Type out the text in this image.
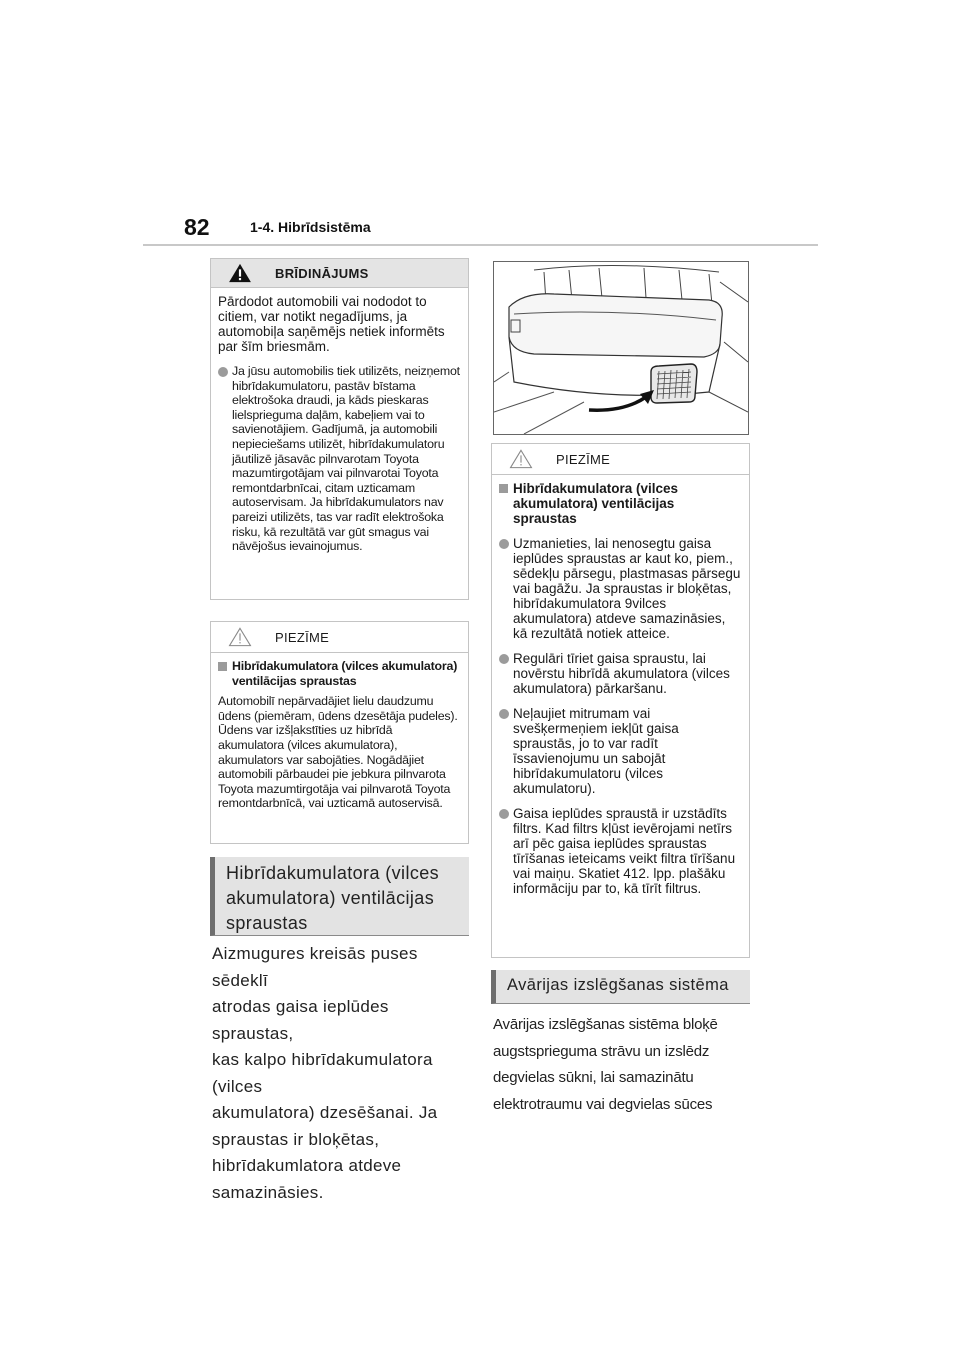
82	1-4. Hibrīdsistēma
BRĪDINĀJUMS

Pārdodot automobili vai nododot to citiem, var notikt negadījums, ja automobiļa saņēmējs netiek informēts par šīm briesmām.

Ja jūsu automobilis tiek utilizēts, neizņemot hibrīdakumulatoru, pastāv bīstama elektrošoka draudi, ja kāds pieskaras lielsprieguma daļām, kabeļiem vai to savienotājiem. Gadījumā, ja automobili nepieciešams utilizēt, hibrīdakumulatoru jāutilizē jāsavāc pilnvarotam Toyota mazumtirgotājam vai pilnvarotai Toyota remontdarbnīcai, citam uzticamam autoservisam. Ja hibrīdakumulators nav pareizi utilizēts, tas var radīt elektrošoka risku, kā rezultātā var gūt smagus vai nāvējošus ievainojumus.
PIEZĪME
Hibrīdakumulatora (vilces akumulatora) ventilācijas spraustas

Automobilī nepārvadājiet lielu daudzumu ūdens (piemēram, ūdens dzesētāja pudeles). Ūdens var izšļakstīties uz hibrīdā akumulatora (vilces akumulatora), akumulators var sabojāties. Nogādājiet automobili pārbaudei pie jebkura pilnvarota Toyota mazumtirgotāja vai pilnvarotā Toyota remontdarbnīcā, vai uzticamā autoservisā.

Hibrīdakumulatora (vilces
akumulatora) ventilācijas
spraustas
Aizmugures kreisās puses sēdeklī
atrodas gaisa ieplūdes spraustas,
kas kalpo hibrīdakumulatora (vilces
akumulatora) dzesēšanai. Ja
spraustas ir bloķētas,
hibrīdakumlatora atdeve
samazināsies.
PIEZĪME
Hibrīdakumulatora (vilces akumulatora) ventilācijas spraustas
Uzmanieties, lai nenosegtu gaisa ieplūdes spraustas ar kaut ko, piem., sēdekļu pārsegu, plastmasas pārsegu vai bagāžu. Ja spraustas ir bloķētas, hibrīdakumulatora 9vilces akumulatora) atdeve samazināsies, kā rezultātā notiek atteice.
Regulāri tīriet gaisa spraustu, lai novērstu hibrīdā akumulatora (vilces akumulatora) pārkaršanu.
Neļaujiet mitrumam vai svešķermeņiem iekļūt gaisa spraustās, jo to var radīt īssavienojumu un sabojāt hibrīdakumulatoru (vilces akumulatoru).
Gaisa ieplūdes spraustā ir uzstādīts filtrs. Kad filtrs kļūst ievērojami netīrs arī pēc gaisa ieplūdes spraustas tīrīšanas ieteicams veikt filtra tīrīšanu vai maiņu. Skatiet 412. lpp. plašāku informāciju par to, kā tīrīt filtrus.
Avārijas izslēgšanas sistēma
Avārijas izslēgšanas sistēma bloķē
augstsprieguma strāvu un izslēdz
degvielas sūkni, lai samazinātu
elektrotraumu vai degvielas sūces
